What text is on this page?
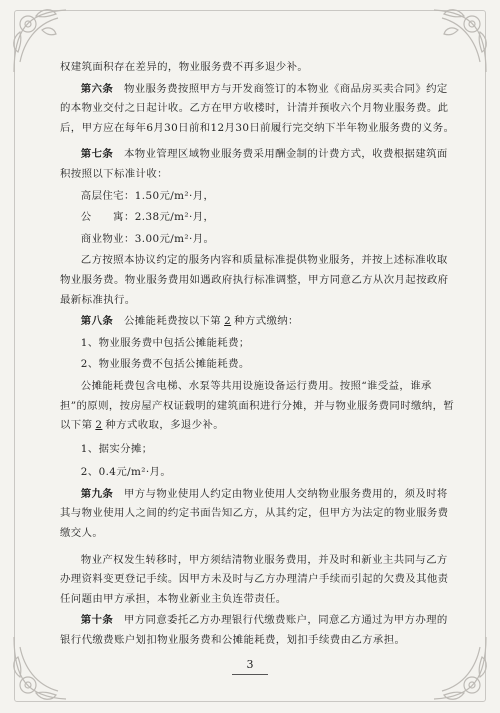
权建筑面积存在差异的，物业服务费不再多退少补。

第六条　 物业服务费按照甲方与开发商签订的本物业《商品房买卖合同》约定的本物业交付之日起计收。乙方在甲方收楼时，计清并预收六个月物业服务费。此后，甲方应在每年6月30日前和12月30日前履行完交纳下半年物业服务费的义务。

第七条　 本物业管理区域物业服务费采用酬金制的计费方式，收费根据建筑面积按照以下标准计收：

高层住宅：1.50元/m²·月，

公　　寓：2.38元/m²·月，

商业物业：3.00元/m²·月。

乙方按照本协议约定的服务内容和质量标准提供物业服务，并按上述标准收取物业服务费。物业服务费用如遇政府执行标准调整，甲方同意乙方从次月起按政府最新标准执行。

第八条　 公摊能耗费按以下第 2 种方式缴纳：

1、物业服务费中包括公摊能耗费；

2、物业服务费不包括公摊能耗费。

公摊能耗费包含电梯、水泵等共用设施设备运行费用。按照“谁受益，谁承担”的原则，按房屋产权证载明的建筑面积进行分摊，并与物业服务费同时缴纳，暂以下第 2 种方式收取，多退少补。

1、据实分摊；

2、0.4元/m²·月。

第九条　 甲方与物业使用人约定由物业使用人交纳物业服务费用的，须及时将其与物业使用人之间的约定书面告知乙方，从其约定，但甲方为法定的物业服务费缴交人。

物业产权发生转移时，甲方须结清物业服务费用，并及时和新业主共同与乙方办理资料变更登记手续。因甲方未及时与乙方办理清户手续而引起的欠费及其他责任问题由甲方承担，本物业新业主负连带责任。

第十条　 甲方同意委托乙方办理银行代缴费账户，同意乙方通过为甲方办理的银行代缴费账户划扣物业服务费和公摊能耗费，划扣手续费由乙方承担。

3
